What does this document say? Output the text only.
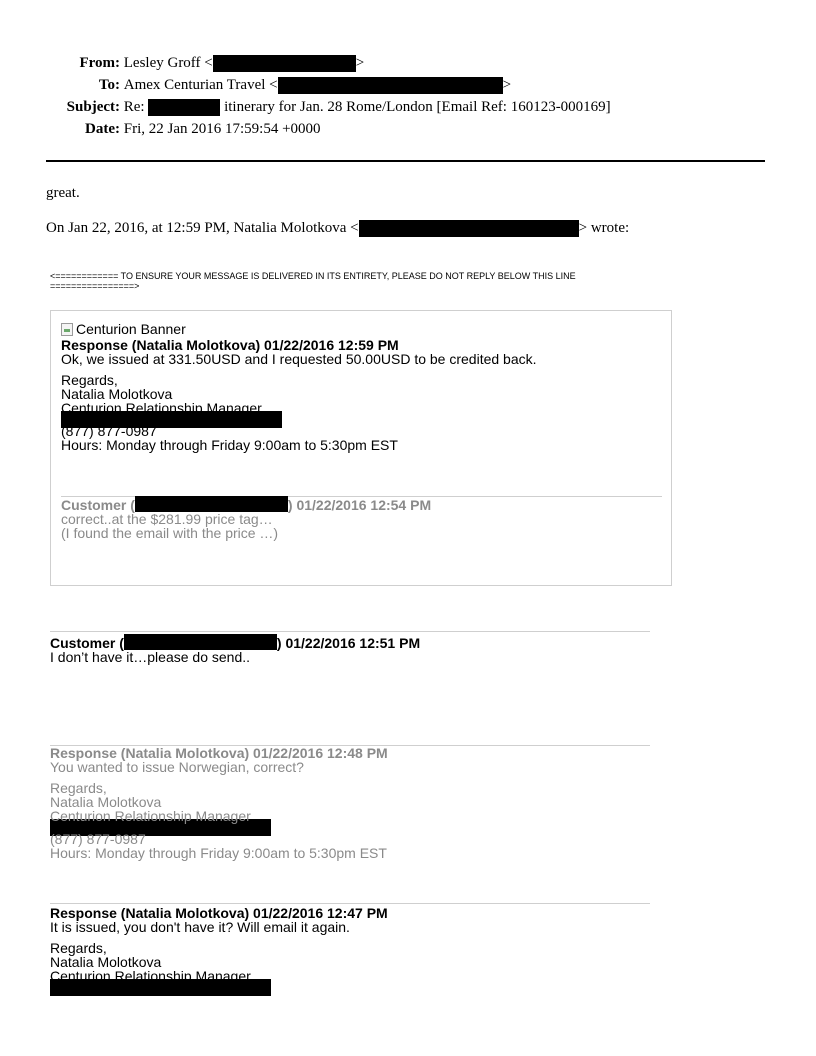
From: Lesley Groff <	>
To: Amex Centurian Travel <	>
Subject: Re:	itinerary for Jan. 28 Rome/London [Email Ref: 160123-000169]
Date: Fri, 22 Jan 2016 17:59:54 +0000
great.
On Jan 22, 2016, at 12:59 PM, Natalia Molotkova <	> wrote:
<============ TO ENSURE YOUR MESSAGE IS DELIVERED IN ITS ENTIRETY, PLEASE DO NOT REPLY BELOW THIS LINE
================>
Centurion Banner
Response (Natalia Molotkova) 01/22/2016 12:59 PM
Ok, we issued at 331.50USD and I requested 50.00USD to be credited back.
Regards,
Natalia Molotkova
Centurion Relationship Manager
(877) 877-0987
Hours: Monday through Friday 9:00am to 5:30pm EST
Customer (	) 01/22/2016 12:54 PM
correct..at the $281.99 price tag…
(I found the email with the price …)
Customer (	) 01/22/2016 12:51 PM
I don’t have it…please do send..
Response (Natalia Molotkova) 01/22/2016 12:48 PM
You wanted to issue Norwegian, correct?
Regards,
Natalia Molotkova
Centurion Relationship Manager
(877) 877-0987
Hours: Monday through Friday 9:00am to 5:30pm EST
Response (Natalia Molotkova) 01/22/2016 12:47 PM
It is issued, you don't have it? Will email it again.
Regards,
Natalia Molotkova
Centurion Relationship Manager
